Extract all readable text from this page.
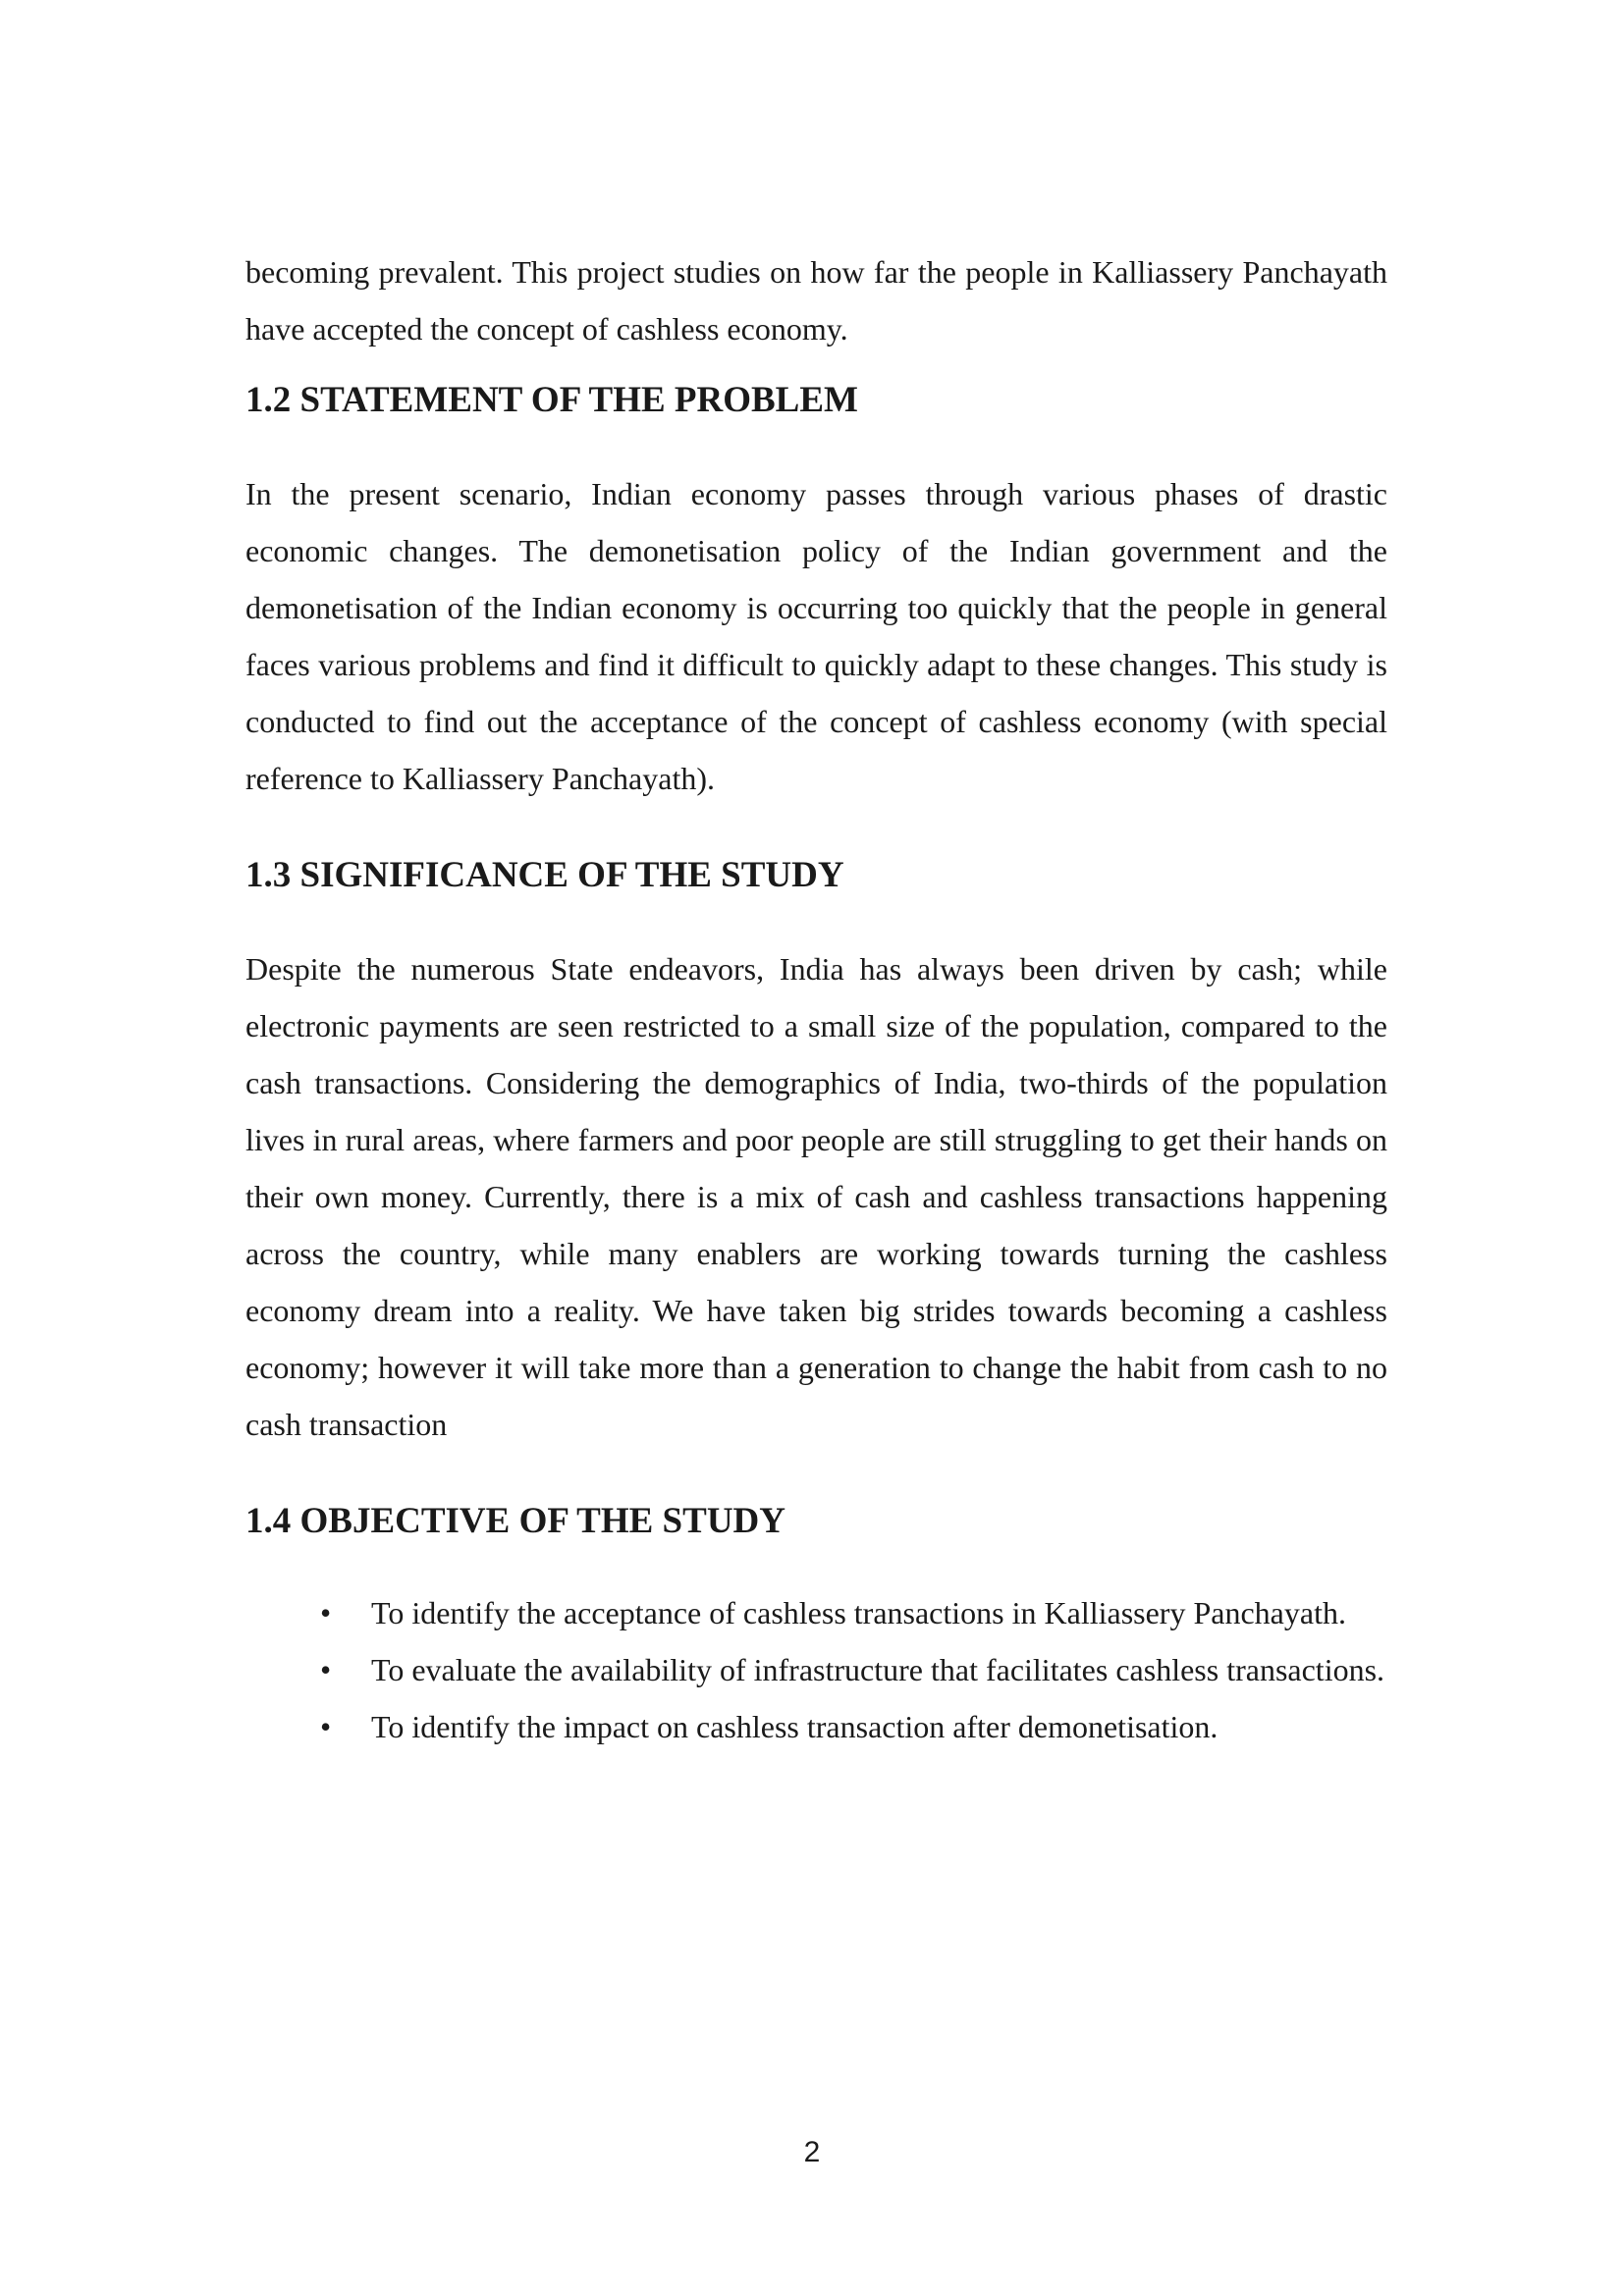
becoming prevalent. This project studies on how far the people in Kalliassery Panchayath have accepted the concept of cashless economy.

1.2 STATEMENT OF THE PROBLEM

In the present scenario, Indian economy passes through various phases of drastic economic changes. The demonetisation policy of the Indian government and the demonetisation of the Indian economy is occurring too quickly that the people in general faces various problems and find it difficult to quickly adapt to these changes. This study is conducted to find out the acceptance of the concept of cashless economy (with special reference to Kalliassery Panchayath).

1.3 SIGNIFICANCE OF THE STUDY

Despite the numerous State endeavors, India has always been driven by cash; while electronic payments are seen restricted to a small size of the population, compared to the cash transactions. Considering the demographics of India, two-thirds of the population lives in rural areas, where farmers and poor people are still struggling to get their hands on their own money. Currently, there is a mix of cash and cashless transactions happening across the country, while many enablers are working towards turning the cashless economy dream into a reality. We have taken big strides towards becoming a cashless economy; however it will take more than a generation to change the habit from cash to no cash transaction

1.4 OBJECTIVE OF THE STUDY
• To identify the acceptance of cashless transactions in Kalliassery Panchayath.

• To evaluate the availability of infrastructure that facilitates cashless transactions.

• To identify the impact on cashless transaction after demonetisation.

2
